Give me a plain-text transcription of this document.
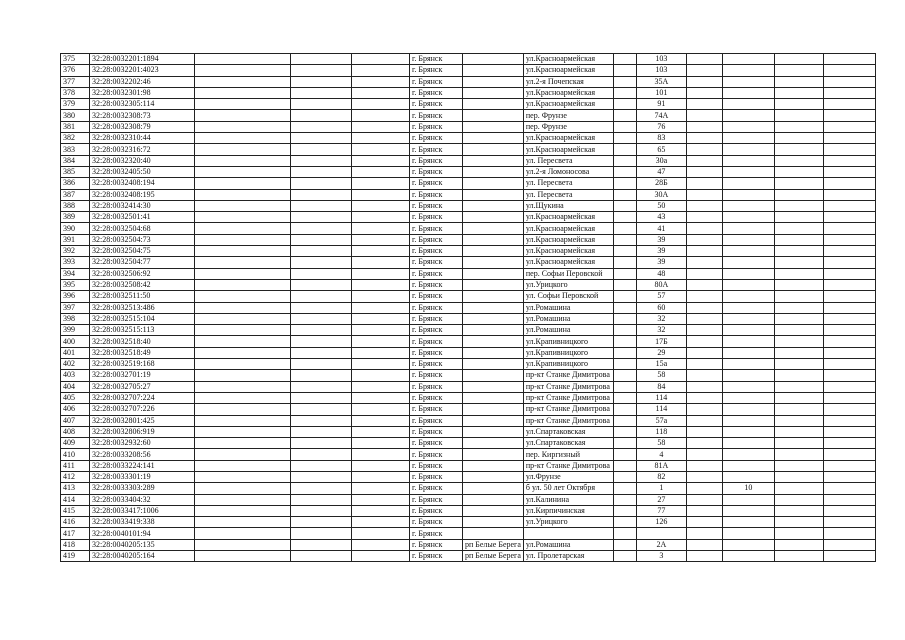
375	32:28:0032201:1894				г. Брянск		ул.Красноармейская		103				
376	32:28:0032201:4023				г. Брянск		ул.Красноармейская		103				
377	32:28:0032202:46				г. Брянск		ул.2-я Почепская		35А				
378	32:28:0032301:98				г. Брянск		ул.Красноармейская		101				
379	32:28:0032305:114				г. Брянск		ул.Красноармейская		91				
380	32:28:0032308:73				г. Брянск		пер. Фрунзе		74А				
381	32:28:0032308:79				г. Брянск		пер. Фрунзе		76				
382	32:28:0032310:44				г. Брянск		ул.Красноармейская		83				
383	32:28:0032316:72				г. Брянск		ул.Красноармейская		65				
384	32:28:0032320:40				г. Брянск		ул. Пересвета		30а				
385	32:28:0032405:50				г. Брянск		ул.2-я Ломоносова		47				
386	32:28:0032408:194				г. Брянск		ул. Пересвета		28Б				
387	32:28:0032408:195				г. Брянск		ул. Пересвета		30А				
388	32:28:0032414:30				г. Брянск		ул.Щукина		50				
389	32:28:0032501:41				г. Брянск		ул.Красноармейская		43				
390	32:28:0032504:68				г. Брянск		ул.Красноармейская		41				
391	32:28:0032504:73				г. Брянск		ул.Красноармейская		39				
392	32:28:0032504:75				г. Брянск		ул.Красноармейская		39				
393	32:28:0032504:77				г. Брянск		ул.Красноармейская		39				
394	32:28:0032506:92				г. Брянск		пер. Софьи Перовской		48				
395	32:28:0032508:42				г. Брянск		ул.Урицкого		80А				
396	32:28:0032511:50				г. Брянск		ул. Софьи Перовской		57				
397	32:28:0032513:486				г. Брянск		ул.Ромашина		60				
398	32:28:0032515:104				г. Брянск		ул.Ромашина		32				
399	32:28:0032515:113				г. Брянск		ул.Ромашина		32				
400	32:28:0032518:40				г. Брянск		ул.Крапивницкого		17Б				
401	32:28:0032518:49				г. Брянск		ул.Крапивницкого		29				
402	32:28:0032519:168				г. Брянск		ул.Крапивницкого		15а				
403	32:28:0032701:19				г. Брянск		пр-кт Станке Димитрова		58				
404	32:28:0032705:27				г. Брянск		пр-кт Станке Димитрова		84				
405	32:28:0032707:224				г. Брянск		пр-кт Станке Димитрова		114				
406	32:28:0032707:226				г. Брянск		пр-кт Станке Димитрова		114				
407	32:28:0032801:425				г. Брянск		пр-кт Станке Димитрова		57а				
408	32:28:0032806:919				г. Брянск		ул.Спартаковская		118				
409	32:28:0032932:60				г. Брянск		ул.Спартаковская		58				
410	32:28:0033208:56				г. Брянск		пер. Киргизный		4				
411	32:28:0033224:141				г. Брянск		пр-кт Станке Димитрова		81А				
412	32:28:0033301:19				г. Брянск		ул.Фрунзе		82				
413	32:28:0033303:289				г. Брянск		б ул. 50 лет Октября		1		10		
414	32:28:0033404:32				г. Брянск		ул.Калинина		27				
415	32:28:0033417:1006				г. Брянск		ул.Кирпичинская		77				
416	32:28:0033419:338				г. Брянск		ул.Урицкого		126				
417	32:28:0040101:94				г. Брянск								
418	32:28:0040205:135				г. Брянск	рп Белые Берега	ул.Ромашина		2А				
419	32:28:0040205:164				г. Брянск	рп Белые Берега	ул. Пролетарская		3				
